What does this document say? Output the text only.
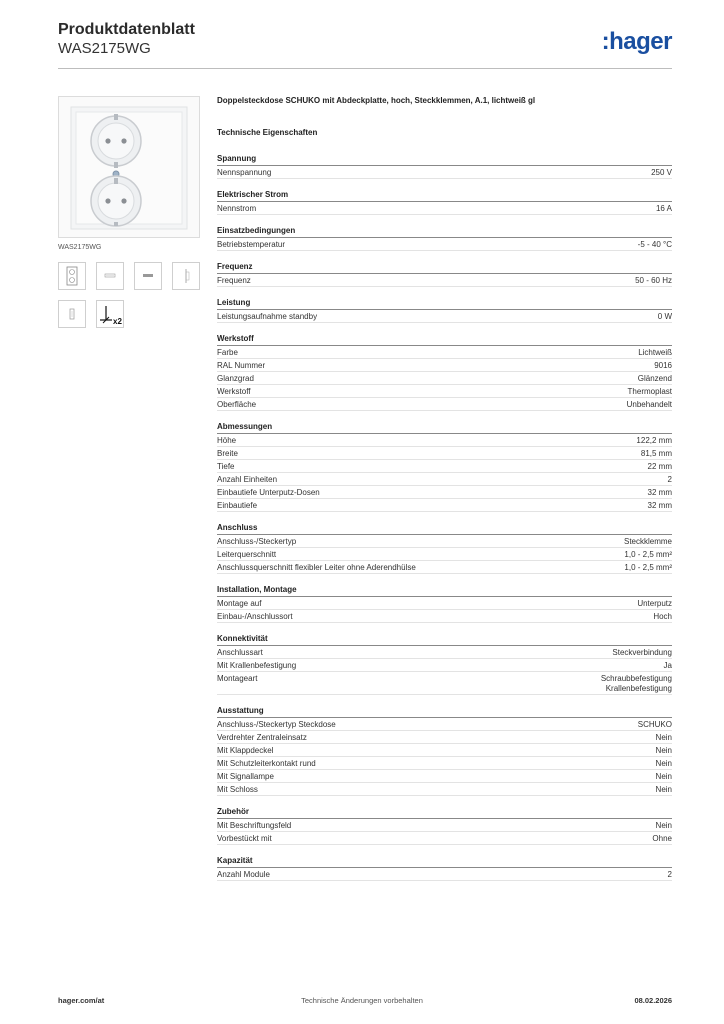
Produktdatenblatt
WAS2175WG	:hager
WAS2175WG
x2
Doppelsteckdose SCHUKO mit Abdeckplatte, hoch, Steckklemmen, A.1, lichtweiß gl
Technische Eigenschaften
Spannung
Nennspannung	250 V
Elektrischer Strom
Nennstrom	16 A
Einsatzbedingungen
Betriebstemperatur	-5 - 40 °C
Frequenz
Frequenz	50 - 60 Hz
Leistung
Leistungsaufnahme standby	0 W
Werkstoff
Farbe	Lichtweiß
RAL Nummer	9016
Glanzgrad	Glänzend
Werkstoff	Thermoplast
Oberfläche	Unbehandelt
Abmessungen
Höhe	122,2 mm
Breite	81,5 mm
Tiefe	22 mm
Anzahl Einheiten	2
Einbautiefe Unterputz-Dosen	32 mm
Einbautiefe	32 mm
Anschluss
Anschluss-/Steckertyp	Steckklemme
Leiterquerschnitt	1,0 - 2,5 mm²
Anschlussquerschnitt flexibler Leiter ohne Aderendhülse	1,0 - 2,5 mm²
Installation, Montage
Montage auf	Unterputz
Einbau-/Anschlussort	Hoch
Konnektivität
Anschlussart	Steckverbindung
Mit Krallenbefestigung	Ja
Montageart	Schraubbefestigung
Krallenbefestigung
Ausstattung
Anschluss-/Steckertyp Steckdose	SCHUKO
Verdrehter Zentraleinsatz	Nein
Mit Klappdeckel	Nein
Mit Schutzleiterkontakt rund	Nein
Mit Signallampe	Nein
Mit Schloss	Nein
Zubehör
Mit Beschriftungsfeld	Nein
Vorbestückt mit	Ohne
Kapazität
Anzahl Module	2
Technische Änderungen vorbehalten
hager.com/at	08.02.2026
